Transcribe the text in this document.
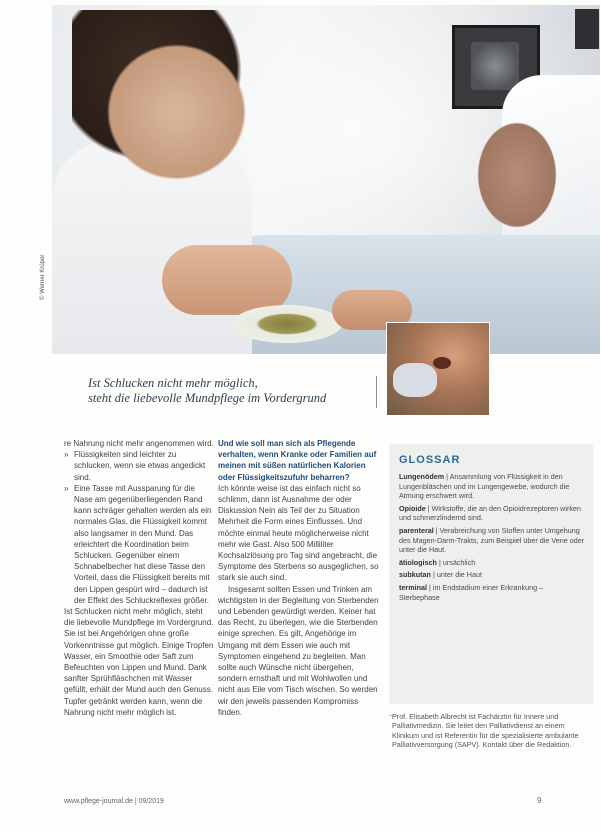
© Werner Krüper
Ist Schlucken nicht mehr möglich,
steht die liebevolle Mundpflege im Vordergrund

re Nahrung nicht mehr angenommen wird.

» Flüssigkeiten sind leichter zu schlucken, wenn sie etwas angedickt sind.

» Eine Tasse mit Aussparung für die Nase am gegenüberliegenden Rand kann schräger gehalten werden als ein normales Glas, die Flüssigkeit kommt also langsamer in den Mund. Das erleichtert die Koordination beim Schlucken. Gegenüber einem Schnabelbecher hat diese Tasse den Vorteil, dass die Flüssigkeit bereits mit den Lippen gespürt wird – dadurch ist der Effekt des Schluckreflexes größer.

Ist Schlucken nicht mehr möglich, steht die liebevolle Mundpflege im Vordergrund. Sie ist bei Angehörigen ohne große Vorkenntnisse gut möglich. Einige Tropfen Wasser, ein Smoothie oder Saft zum Befeuchten von Lippen und Mund. Dank sanfter Sprühfläschchen mit Wasser gefüllt, erhält der Mund auch den Genuss. Tupfer getränkt werden kann, wenn die Nahrung nicht mehr möglich ist.

Und wie soll man sich als Pflegende verhalten, wenn Kranke oder Familien auf meinen mit süßen natürlichen Kalorien oder Flüssigkeitszufuhr beharren?

Ich könnte weise ist das einfach nicht so schlimm, dann ist Ausnahme der oder Diskussion Nein als Teil der zu Situation Mehrheit die Form eines Einflusses. Und möchte einmal heute möglicherweise nicht mehr wie Gast. Also 500 Milliliter Kochsalzlösung pro Tag sind angebracht, die Symptome des Sterbens so ausgeglichen, so stark sie auch sind.

Insgesamt sollten Essen und Trinken am wichtigsten in der Begleitung von Sterbenden und Lebenden gewürdigt werden. Keiner hat das Recht, zu überlegen, wie die Sterbenden einige sprechen. Es gilt, Angehörige im Umgang mit dem Essen wie auch mit Symptomen eingehend zu begleiten. Man sollte auch Wünsche nicht übergehen, sondern ernsthaft und mit Wohlwollen und nicht aus Eile vom Tisch wischen. So werden wir den jeweils passenden Kompromiss finden.

GLOSSAR
Lungenödem | Ansammlung von Flüssigkeit in den Lungenbläschen und im Lungengewebe, wodurch die Atmung erschwert wird.
Opioide | Wirkstoffe, die an den Opioidrezeptoren wirken und schmerzlindernd sind.
parenteral | Verabreichung von Stoffen unter Umgehung des Magen-Darm-Trakts, zum Beispiel über die Vene oder unter die Haut.
ätiologisch | ursächlich
subkutan | unter die Haut
terminal | im Endstadium einer Erkrankung – Sterbephase
– Prof. Elisabeth Albrecht ist Fachärztin für Innere und Palliativmedizin. Sie leitet den Palliativdienst an einem Klinikum und ist Referentin für die spezialisierte ambulante Palliativversorgung (SAPV). Kontakt über die Redaktion.
www.pflege-journal.de | 09/2019	9
